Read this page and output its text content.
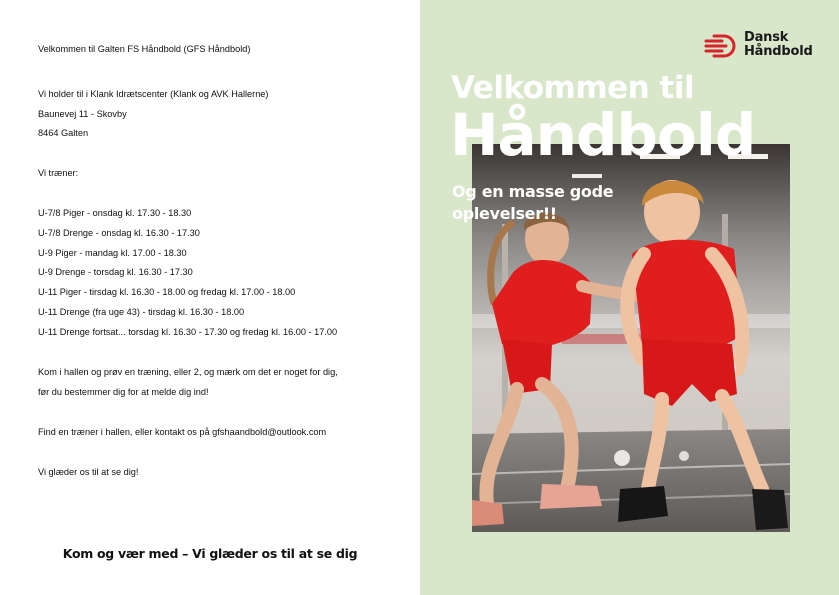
Velkommen til Galten FS Håndbold (GFS Håndbold)
Vi holder til i Klank Idrætscenter (Klank og AVK Hallerne)
Baunevej 11 - Skovby
8464 Galten
Vi træner:
U-7/8 Piger - onsdag kl. 17.30 - 18.30
U-7/8 Drenge - onsdag kl. 16.30 - 17.30
U-9 Piger - mandag kl. 17.00 - 18.30
U-9 Drenge - torsdag kl. 16.30 - 17.30
U-11 Piger - tirsdag kl. 16.30 - 18.00 og fredag kl. 17.00 - 18.00
U-11 Drenge (fra uge 43) - tirsdag kl. 16.30 - 18.00
U-11 Drenge fortsat... torsdag kl. 16.30 - 17.30 og fredag kl. 16.00 - 17.00
Kom i hallen og prøv en træning, eller 2, og mærk om det er noget for dig,
før du bestemmer dig for at melde dig ind!
Find en træner i hallen, eller kontakt os på gfshaandbold@outlook.com
Vi glæder os til at se dig!
Kom og vær med – Vi glæder os til at se dig
Dansk
Håndbold
Velkommen til
Håndbold
Og en masse gode
oplevelser!!
